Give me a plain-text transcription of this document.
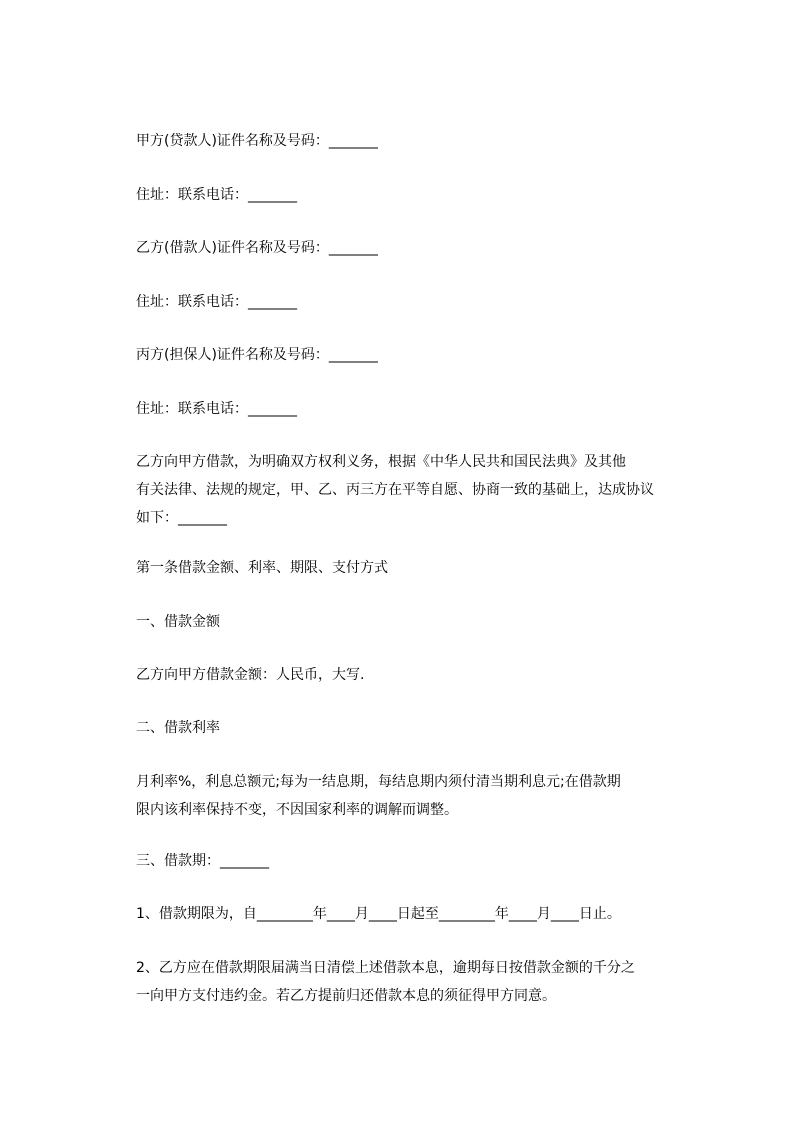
甲方(贷款人)证件名称及号码：_______
住址：联系电话：_______
乙方(借款人)证件名称及号码：_______
住址：联系电话：_______
丙方(担保人)证件名称及号码：_______
住址：联系电话：_______
乙方向甲方借款，为明确双方权利义务，根据《中华人民共和国民法典》及其他
有关法律、法规的规定，甲、乙、丙三方在平等自愿、协商一致的基础上，达成协议
如下：_______
第一条借款金额、利率、期限、支付方式
一、借款金额
乙方向甲方借款金额：人民币，大写.
二、借款利率
月利率%，利息总额元;每为一结息期，每结息期内须付清当期利息元;在借款期
限内该利率保持不变，不因国家利率的调解而调整。
三、借款期：_______
1、借款期限为，自________年____月____日起至________年____月____日止。
2、乙方应在借款期限届满当日清偿上述借款本息，逾期每日按借款金额的千分之
一向甲方支付违约金。若乙方提前归还借款本息的须征得甲方同意。
